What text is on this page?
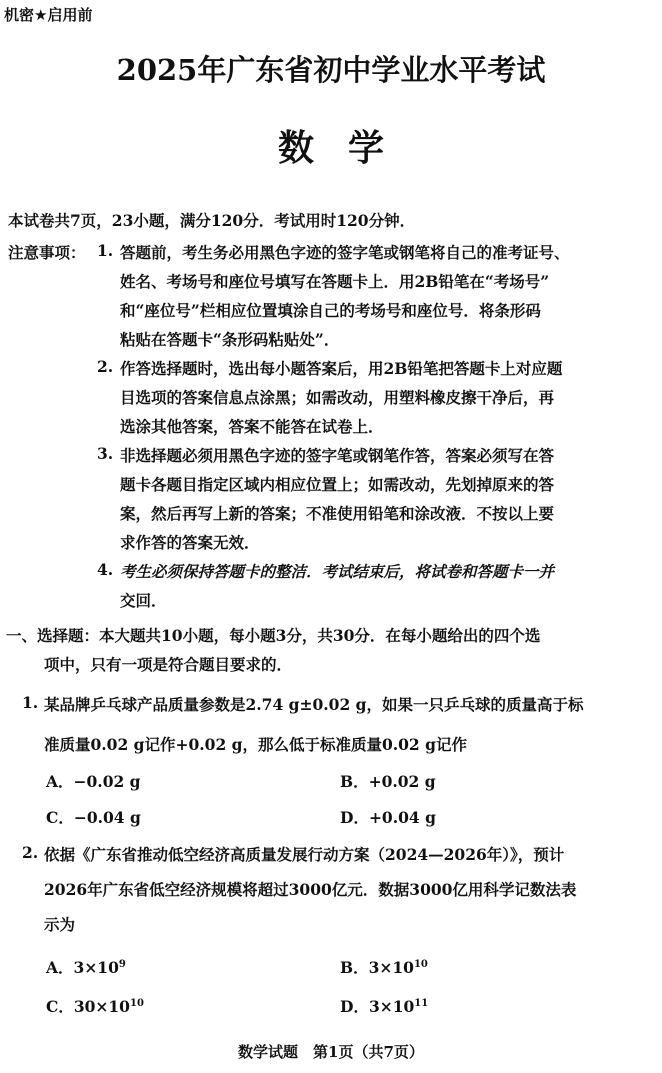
机密★启用前
2025年广东省初中学业水平考试
数学
本试卷共7页，23小题，满分120分．考试用时120分钟．
注意事项： 1. 答题前，考生务必用黑色字迹的签字笔或钢笔将自己的准考证号、
姓名、考场号和座位号填写在答题卡上．用2B铅笔在“考场号”
和“座位号”栏相应位置填涂自己的考场号和座位号．将条形码
粘贴在答题卡“条形码粘贴处”．
2. 作答选择题时，选出每小题答案后，用2B铅笔把答题卡上对应题
目选项的答案信息点涂黑；如需改动，用塑料橡皮擦干净后，再
选涂其他答案，答案不能答在试卷上．
3. 非选择题必须用黑色字迹的签字笔或钢笔作答，答案必须写在答
题卡各题目指定区域内相应位置上；如需改动，先划掉原来的答
案，然后再写上新的答案；不准使用铅笔和涂改液．不按以上要
求作答的答案无效．
4. 考生必须保持答题卡的整洁．考试结束后，将试卷和答题卡一并
交回．
一、选择题：本大题共10小题，每小题3分，共30分．在每小题给出的四个选
项中，只有一项是符合题目要求的．
1. 某品牌乒乓球产品质量参数是2.74 g±0.02 g，如果一只乒乓球的质量高于标
准质量0.02 g记作+0.02 g，那么低于标准质量0.02 g记作
A．−0.02 g	B．+0.02 g
C．−0.04 g	D．+0.04 g
2. 依据《广东省推动低空经济高质量发展行动方案（2024—2026年）》，预计
2026年广东省低空经济规模将超过3000亿元．数据3000亿用科学记数法表
示为
A．$3\times 10^9$	B．$3\times 10^{10}$
C．$30\times 10^{10}$	D．$3\times 10^{11}$
数学试题　第1页（共7页）
